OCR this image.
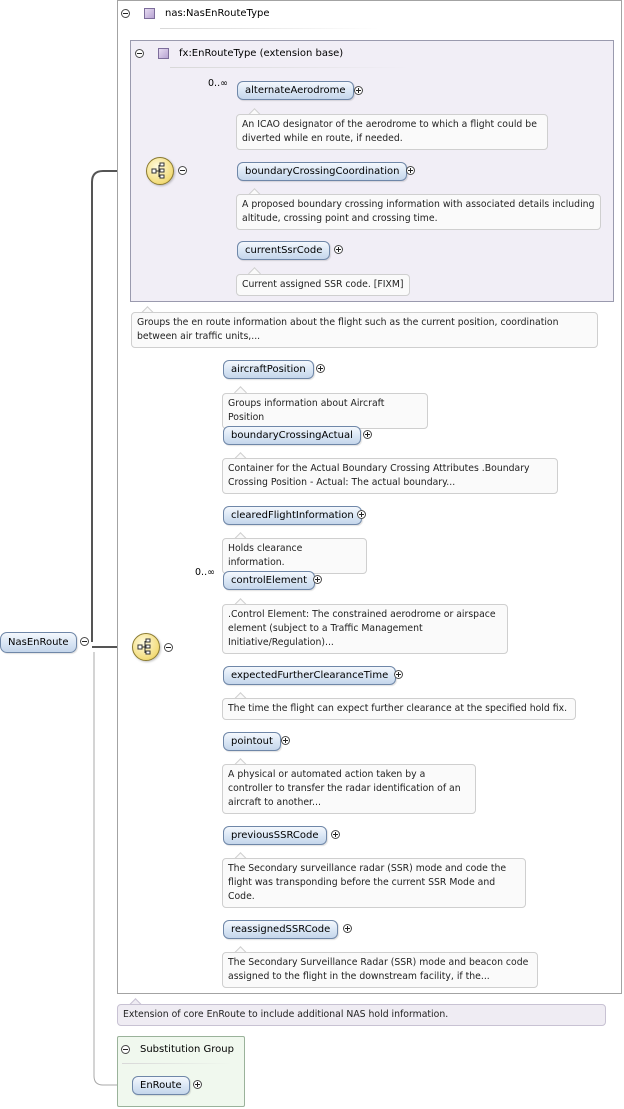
nas:NasEnRouteType
fx:EnRouteType (extension base)
0..∞
alternateAerodrome
An ICAO designator of the aerodrome to which a flight could be diverted while en route, if needed.
boundaryCrossingCoordination
A proposed boundary crossing information with associated details including altitude, crossing point and crossing time.
currentSsrCode
Current assigned SSR code. [FIXM]
Groups the en route information about the flight such as the current position, coordination between air traffic units,...
aircraftPosition
Groups information about Aircraft Position
boundaryCrossingActual
Container for the Actual Boundary Crossing Attributes .Boundary Crossing Position - Actual: The actual boundary...
clearedFlightInformation
Holds clearance information.
0..∞
controlElement
.Control Element: The constrained aerodrome or airspace element (subject to a Traffic Management Initiative/Regulation)...
expectedFurtherClearanceTime
The time the flight can expect further clearance at the specified hold fix.
pointout
A physical or automated action taken by a controller to transfer the radar identification of an aircraft to another...
previousSSRCode
The Secondary surveillance radar (SSR) mode and code the flight was transponding before the current SSR Mode and Code.
reassignedSSRCode
The Secondary Surveillance Radar (SSR) mode and beacon code assigned to the flight in the downstream facility, if the...
Extension of core EnRoute to include additional NAS hold information.
Substitution Group
EnRoute
NasEnRoute
